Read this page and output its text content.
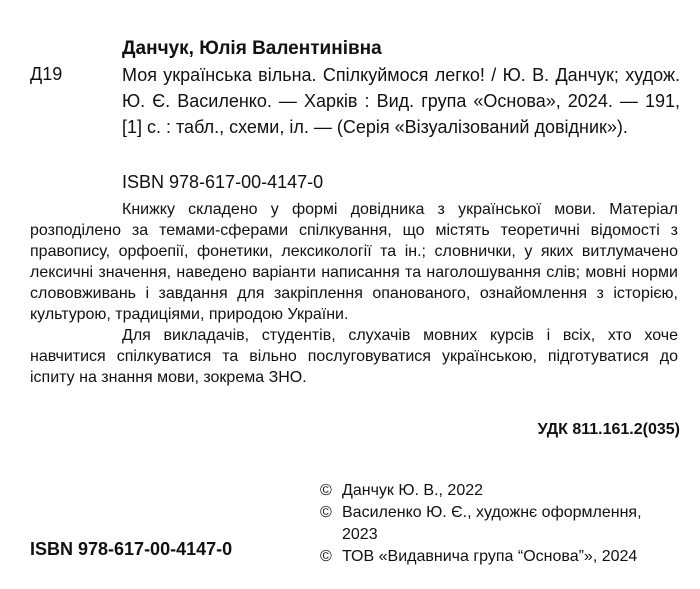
Данчук, Юлія Валентинівна
Д19	Моя українська вільна. Спілкуймося легко! / Ю. В. Данчук; худож. Ю. Є. Василенко. — Харків : Вид. група «Основа», 2024. — 191, [1] с. : табл., схеми, іл. — (Серія «Візуалізований довідник»).
ISBN 978-617-00-4147-0

Книжку складено у формі довідника з української мови. Матеріал розподілено за темами-сферами спілкування, що містять теоретичні відомості з правопису, орфоепії, фонетики, лексикології та ін.; словнички, у яких витлумачено лексичні значення, наведено варіанти написання та наголошування слів; мовні норми слововживань і завдання для закріплення опанованого, ознайомлення з історією, культурою, традиціями, природою України.

Для викладачів, студентів, слухачів мовних курсів і всіх, хто хоче навчитися спілкуватися та вільно послуговуватися українською, підготуватися до іспиту на знання мови, зокрема ЗНО.

УДК 811.161.2(035)
© Данчук Ю. В., 2022
© Василенко Ю. Є., художнє оформлення, 2023
© ТОВ «Видавнича група “Основа”», 2024
ISBN 978-617-00-4147-0
